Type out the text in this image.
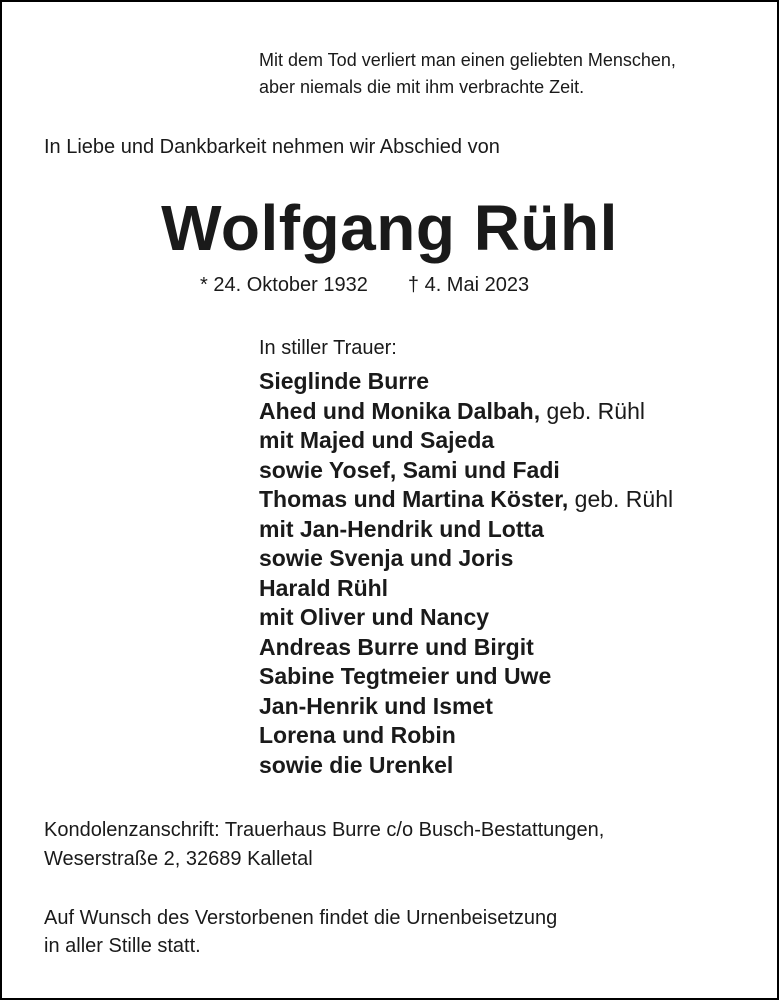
Mit dem Tod verliert man einen geliebten Menschen,
aber niemals die mit ihm verbrachte Zeit.
In Liebe und Dankbarkeit nehmen wir Abschied von
Wolfgang Rühl
* 24. Oktober 1932 † 4. Mai 2023
In stiller Trauer:
Sieglinde Burre
Ahed und Monika Dalbah, geb. Rühl
mit Majed und Sajeda
sowie Yosef, Sami und Fadi
Thomas und Martina Köster, geb. Rühl
mit Jan-Hendrik und Lotta
sowie Svenja und Joris
Harald Rühl
mit Oliver und Nancy
Andreas Burre und Birgit
Sabine Tegtmeier und Uwe
Jan-Henrik und Ismet
Lorena und Robin
sowie die Urenkel
Kondolenzanschrift: Trauerhaus Burre c/o Busch-Bestattungen,
Weserstraße 2, 32689 Kalletal
Auf Wunsch des Verstorbenen findet die Urnenbeisetzung
in aller Stille statt.
